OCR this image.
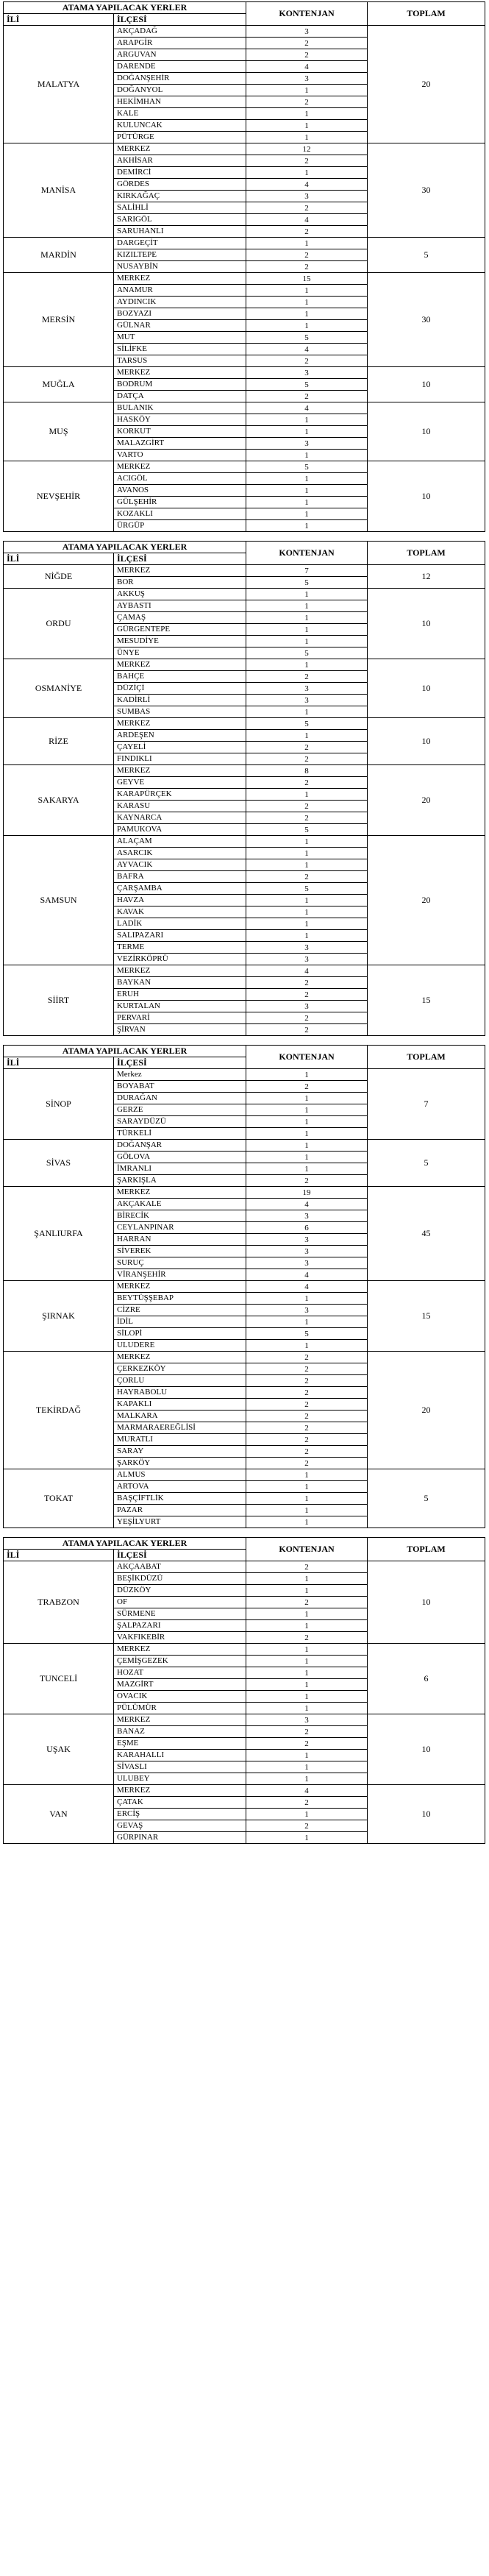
ATAMA YAPILACAK YERLER		KONTENJAN	TOPLAM
İLİ	İLÇESİ		
MALATYA	AKÇADAĞ	3	20
	ARAPGİR	2	
	ARGUVAN	2	
	DARENDE	4	
	DOĞANŞEHİR	3	
	DOĞANYOL	1	
	HEKİMHAN	2	
	KALE	1	
	KULUNCAK	1	
	PÜTÜRGE	1	
MANİSA	MERKEZ	12	30
	AKHİSAR	2	
	DEMİRCİ	1	
	GÖRDES	4	
	KIRKAĞAÇ	3	
	SALİHLİ	2	
	SARIGÖL	4	
	SARUHANLI	2	
MARDİN	DARGEÇİT	1	5
	KIZILTEPE	2	
	NUSAYBİN	2	
MERSİN	MERKEZ	15	30
	ANAMUR	1	
	AYDINCIK	1	
	BOZYAZI	1	
	GÜLNAR	1	
	MUT	5	
	SİLİFKE	4	
	TARSUS	2	
MUĞLA	MERKEZ	3	10
	BODRUM	5	
	DATÇA	2	
MUŞ	BULANIK	4	10
	HASKÖY	1	
	KORKUT	1	
	MALAZGİRT	3	
	VARTO	1	
NEVŞEHİR	MERKEZ	5	10
	ACIGÖL	1	
	AVANOS	1	
	GÜLŞEHİR	1	
	KOZAKLI	1	
	ÜRGÜP	1	
ATAMA YAPILACAK YERLER		KONTENJAN	TOPLAM
İLİ	İLÇESİ		
NİĞDE	MERKEZ	7	12
	BOR	5	
ORDU	AKKUŞ	1	10
	AYBASTI	1	
	ÇAMAŞ	1	
	GÜRGENTEPE	1	
	MESUDİYE	1	
	ÜNYE	5	
OSMANİYE	MERKEZ	1	10
	BAHÇE	2	
	DÜZİÇİ	3	
	KADİRLİ	3	
	SUMBAS	1	
RİZE	MERKEZ	5	10
	ARDEŞEN	1	
	ÇAYELİ	2	
	FINDIKLI	2	
SAKARYA	MERKEZ	8	20
	GEYVE	2	
	KARAPÜRÇEK	1	
	KARASU	2	
	KAYNARCA	2	
	PAMUKOVA	5	
SAMSUN	ALAÇAM	1	20
	ASARCIK	1	
	AYVACIK	1	
	BAFRA	2	
	ÇARŞAMBA	5	
	HAVZA	1	
	KAVAK	1	
	LADİK	1	
	SALIPAZARI	1	
	TERME	3	
	VEZİRKÖPRÜ	3	
SİİRT	MERKEZ	4	15
	BAYKAN	2	
	ERUH	2	
	KURTALAN	3	
	PERVARİ	2	
	ŞİRVAN	2	
ATAMA YAPILACAK YERLER		KONTENJAN	TOPLAM
İLİ	İLÇESİ		
SİNOP	Merkez	1	7
	BOYABAT	2	
	DURAĞAN	1	
	GERZE	1	
	SARAYDÜZÜ	1	
	TÜRKELİ	1	
SİVAS	DOĞANŞAR	1	5
	GÖLOVA	1	
	İMRANLI	1	
	ŞARKIŞLA	2	
ŞANLIURFA	MERKEZ	19	45
	AKÇAKALE	4	
	BİRECİK	3	
	CEYLANPINAR	6	
	HARRAN	3	
	SİVEREK	3	
	SURUÇ	3	
	VİRANŞEHİR	4	
ŞIRNAK	MERKEZ	4	15
	BEYTÜŞŞEBAP	1	
	CİZRE	3	
	İDİL	1	
	SİLOPİ	5	
	ULUDERE	1	
TEKİRDAĞ	MERKEZ	2	20
	ÇERKEZKÖY	2	
	ÇORLU	2	
	HAYRABOLU	2	
	KAPAKLI	2	
	MALKARA	2	
	MARMARAEREĞLİSİ	2	
	MURATLI	2	
	SARAY	2	
	ŞARKÖY	2	
TOKAT	ALMUS	1	5
	ARTOVA	1	
	BAŞÇİFTLİK	1	
	PAZAR	1	
	YEŞİLYURT	1	
ATAMA YAPILACAK YERLER		KONTENJAN	TOPLAM
İLİ	İLÇESİ		
TRABZON	AKÇAABAT	2	10
	BEŞİKDÜZÜ	1	
	DÜZKÖY	1	
	OF	2	
	SÜRMENE	1	
	ŞALPAZARI	1	
	VAKFIKEBİR	2	
TUNCELİ	MERKEZ	1	6
	ÇEMİŞGEZEK	1	
	HOZAT	1	
	MAZGİRT	1	
	OVACIK	1	
	PÜLÜMÜR	1	
UŞAK	MERKEZ	3	10
	BANAZ	2	
	EŞME	2	
	KARAHALLI	1	
	SİVASLI	1	
	ULUBEY	1	
VAN	MERKEZ	4	10
	ÇATAK	2	
	ERCİŞ	1	
	GEVAŞ	2	
	GÜRPINAR	1	
